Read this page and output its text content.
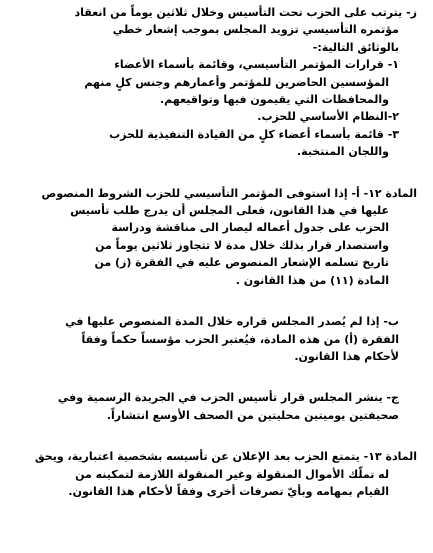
ز- يترتب على الحزب تحت التأسيس وخلال ثلاثين يوماً من انعقاد
مؤتمره التأسيسي تزويد المجلس بموجب إشعار خطي
بالوثائق التالية:-
١- قرارات المؤتمر التأسيسي، وقائمة بأسماء الأعضاء
المؤسسين الحاضرين للمؤتمر وأعمارهم وجنس كلٍ منهم
والمحافظات التي يقيمون فيها وتواقيعهم.
٢-النظام الأساسي للحزب.
٣- قائمة بأسماء أعضاء كلٍ من القيادة التنفيذية للحزب
واللجان المنتخبة.
المادة ١٢- أ- إذا استوفى المؤتمر التأسيسي للحزب الشروط المنصوص
عليها في هذا القانون، فعلى المجلس أن يدرج طلب تأسيس
الحزب على جدول أعماله ليصار الى مناقشة ودراسة
واستصدار قرار بذلك خلال مدة لا تتجاوز ثلاثين يوماً من
تاريخ تسلمه الإشعار المنصوص عليه في الفقرة (ز) من
المادة (١١) من هذا القانون .
ب- إذا لم يُصدر المجلس قراره خلال المدة المنصوص عليها في
الفقرة (أ) من هذه المادة، فيُعتبر الحزب مؤسساً حكماً وفقاً
لأحكام هذا القانون.
ج- ينشر المجلس قرار تأسيس الحزب في الجريدة الرسمية وفي
صحيفتين يوميتين محليتين من الصحف الأوسع انتشاراً.
المادة ١٣- يتمتع الحزب بعد الإعلان عن تأسيسه بشخصية اعتبارية، ويحق
له تملّك الأموال المنقولة وغير المنقولة اللازمة لتمكينه من
القيام بمهامه وبأيّ تصرفات أخرى وفقاً لأحكام هذا القانون.
